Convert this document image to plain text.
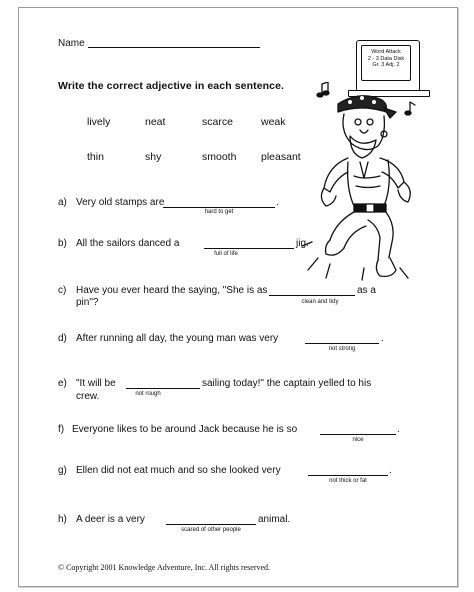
Name
Write the correct adjective in each sentence.
lively	neat	scarce	weak
thin	shy	smooth pleasant
Word Attack
2 - 3 Data Disk
Gr. 3 Adj. 2
a) Very old stamps are	.
hard to get
b) All the sailors danced a	jig.
full of life
c) Have you ever heard the saying, "She is as	as a
pin"?	clean and tidy
d) After running all day, the young man was very	.
not strong
e) "It will be	sailing today!" the captain yelled to his
crew.	not rough
f) Everyone likes to be around Jack because he is so	.
nice
g) Ellen did not eat much and so she looked very	.
not thick or fat
h) A deer is a very	animal.
scared of other people
© Copyright 2001 Knowledge Adventure, Inc. All rights reserved.
